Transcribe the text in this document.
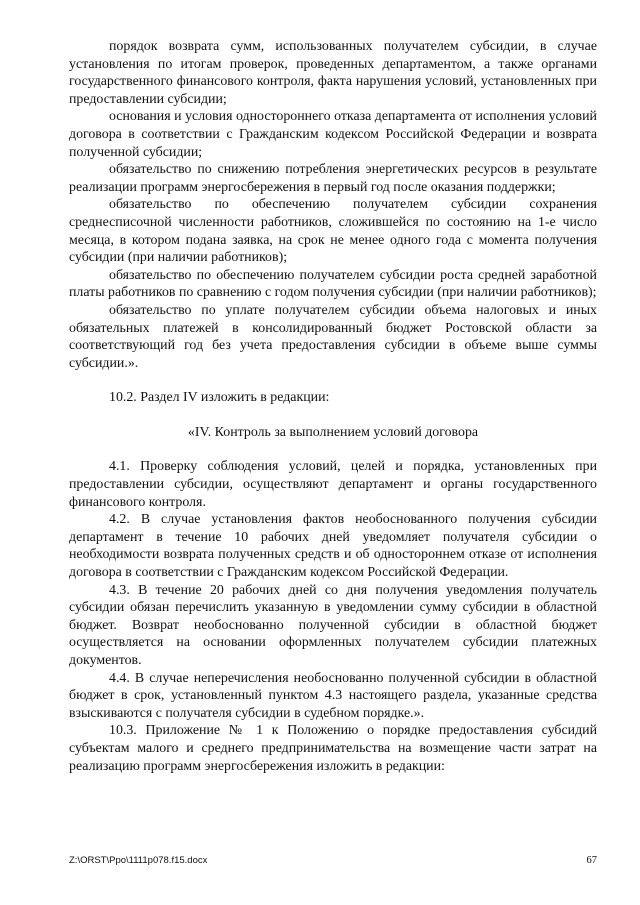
порядок возврата сумм, использованных получателем субсидии, в случае установления по итогам проверок, проведенных департаментом, а также органами государственного финансового контроля, факта нарушения условий, установленных при предоставлении субсидии;

основания и условия одностороннего отказа департамента от исполнения условий договора в соответствии с Гражданским кодексом Российской Федерации и возврата полученной субсидии;

обязательство по снижению потребления энергетических ресурсов в результате реализации программ энергосбережения в первый год после оказания поддержки;

обязательство по обеспечению получателем субсидии сохранения среднесписочной численности работников, сложившейся по состоянию на 1-е число месяца, в котором подана заявка, на срок не менее одного года с момента получения субсидии (при наличии работников);

обязательство по обеспечению получателем субсидии роста средней заработной платы работников по сравнению с годом получения субсидии (при наличии работников);

обязательство по уплате получателем субсидии объема налоговых и иных обязательных платежей в консолидированный бюджет Ростовской области за соответствующий год без учета предоставления субсидии в объеме выше суммы субсидии.».

10.2. Раздел IV изложить в редакции:

«IV. Контроль за выполнением условий договора

4.1. Проверку соблюдения условий, целей и порядка, установленных при предоставлении субсидии, осуществляют департамент и органы государственного финансового контроля.

4.2. В случае установления фактов необоснованного получения субсидии департамент в течение 10 рабочих дней уведомляет получателя субсидии о необходимости возврата полученных средств и об одностороннем отказе от исполнения договора в соответствии с Гражданским кодексом Российской Федерации.

4.3. В течение 20 рабочих дней со дня получения уведомления получатель субсидии обязан перечислить указанную в уведомлении сумму субсидии в областной бюджет. Возврат необоснованно полученной субсидии в областной бюджет осуществляется на основании оформленных получателем субсидии платежных документов.

4.4. В случае неперечисления необоснованно полученной субсидии в областной бюджет в срок, установленный пунктом 4.3 настоящего раздела, указанные средства взыскиваются с получателя субсидии в судебном порядке.».

10.3. Приложение № 1 к Положению о порядке предоставления субсидий субъектам малого и среднего предпринимательства на возмещение части затрат на реализацию программ энергосбережения изложить в редакции:

Z:\ORST\Ppo\1111p078.f15.docx	67
